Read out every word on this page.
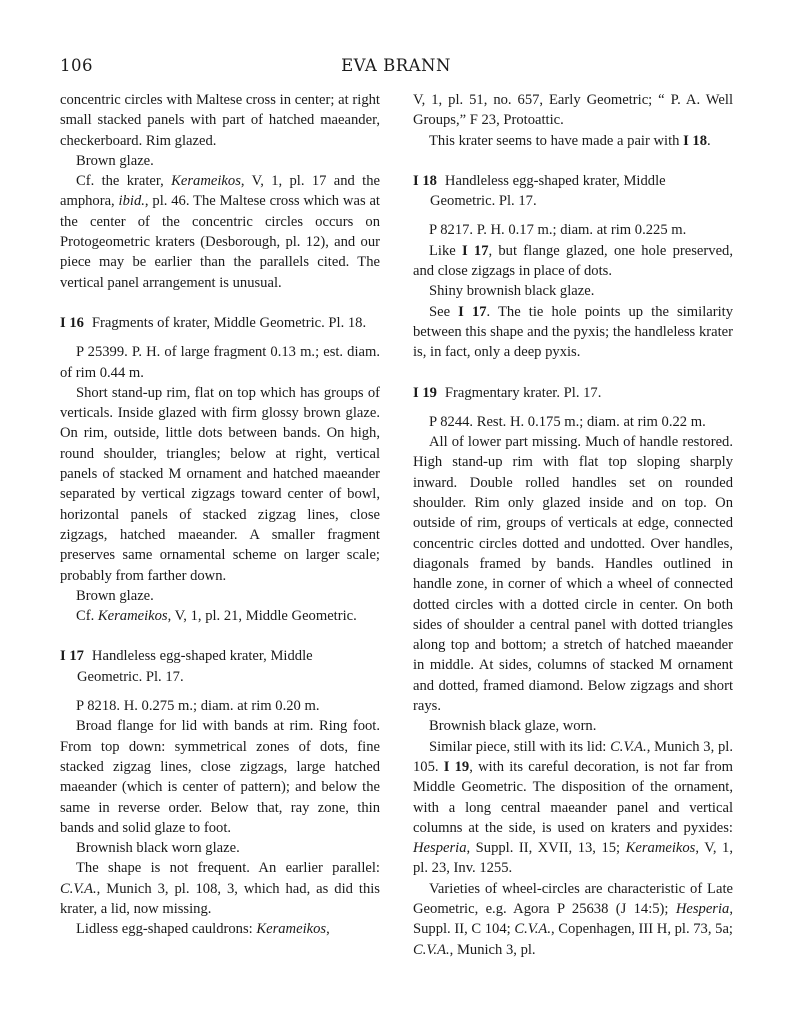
106	EVA BRANN

concentric circles with Maltese cross in center; at right small stacked panels with part of hatched maeander, checkerboard. Rim glazed.

Brown glaze.

Cf. the krater, Kerameikos, V, 1, pl. 17 and the amphora, ibid., pl. 46. The Maltese cross which was at the center of the concentric circles occurs on Protogeometric kraters (Desborough, pl. 12), and our piece may be earlier than the parallels cited. The vertical panel arrangement is unusual.

I 16 Fragments of krater, Middle Geometric. Pl. 18.

P 25399. P. H. of large fragment 0.13 m.; est. diam. of rim 0.44 m.

Short stand-up rim, flat on top which has groups of verticals. Inside glazed with firm glossy brown glaze. On rim, outside, little dots between bands. On high, round shoulder, triangles; below at right, vertical panels of stacked M ornament and hatched maeander separated by vertical zigzags toward center of bowl, horizontal panels of stacked zigzag lines, close zigzags, hatched maeander. A smaller fragment preserves same ornamental scheme on larger scale; probably from farther down.

Brown glaze.

Cf. Kerameikos, V, 1, pl. 21, Middle Geometric.

I 17 Handleless egg-shaped krater, Middle Geometric. Pl. 17.

P 8218. H. 0.275 m.; diam. at rim 0.20 m.

Broad flange for lid with bands at rim. Ring foot. From top down: symmetrical zones of dots, fine stacked zigzag lines, close zigzags, large hatched maeander (which is center of pattern); and below the same in reverse order. Below that, ray zone, thin bands and solid glaze to foot.

Brownish black worn glaze.

The shape is not frequent. An earlier parallel: C.V.A., Munich 3, pl. 108, 3, which had, as did this krater, a lid, now missing.

Lidless egg-shaped cauldrons: Kerameikos,

V, 1, pl. 51, no. 657, Early Geometric; “ P. A. Well Groups,” F 23, Protoattic.

This krater seems to have made a pair with I 18.

I 18 Handleless egg-shaped krater, Middle Geometric. Pl. 17.

P 8217. P. H. 0.17 m.; diam. at rim 0.225 m.

Like I 17, but flange glazed, one hole preserved, and close zigzags in place of dots.

Shiny brownish black glaze.

See I 17. The tie hole points up the similarity between this shape and the pyxis; the handleless krater is, in fact, only a deep pyxis.

I 19 Fragmentary krater. Pl. 17.

P 8244. Rest. H. 0.175 m.; diam. at rim 0.22 m.

All of lower part missing. Much of handle restored. High stand-up rim with flat top sloping sharply inward. Double rolled handles set on rounded shoulder. Rim only glazed inside and on top. On outside of rim, groups of verticals at edge, connected concentric circles dotted and undotted. Over handles, diagonals framed by bands. Handles outlined in handle zone, in corner of which a wheel of connected dotted circles with a dotted circle in center. On both sides of shoulder a central panel with dotted triangles along top and bottom; a stretch of hatched maeander in middle. At sides, columns of stacked M ornament and dotted, framed diamond. Below zigzags and short rays.

Brownish black glaze, worn.

Similar piece, still with its lid: C.V.A., Munich 3, pl. 105. I 19, with its careful decoration, is not far from Middle Geometric. The disposition of the ornament, with a long central maeander panel and vertical columns at the side, is used on kraters and pyxides: Hesperia, Suppl. II, XVII, 13, 15; Kerameikos, V, 1, pl. 23, Inv. 1255.

Varieties of wheel-circles are characteristic of Late Geometric, e.g. Agora P 25638 (J 14:5); Hesperia, Suppl. II, C 104; C.V.A., Copenhagen, III H, pl. 73, 5a; C.V.A., Munich 3, pl.
